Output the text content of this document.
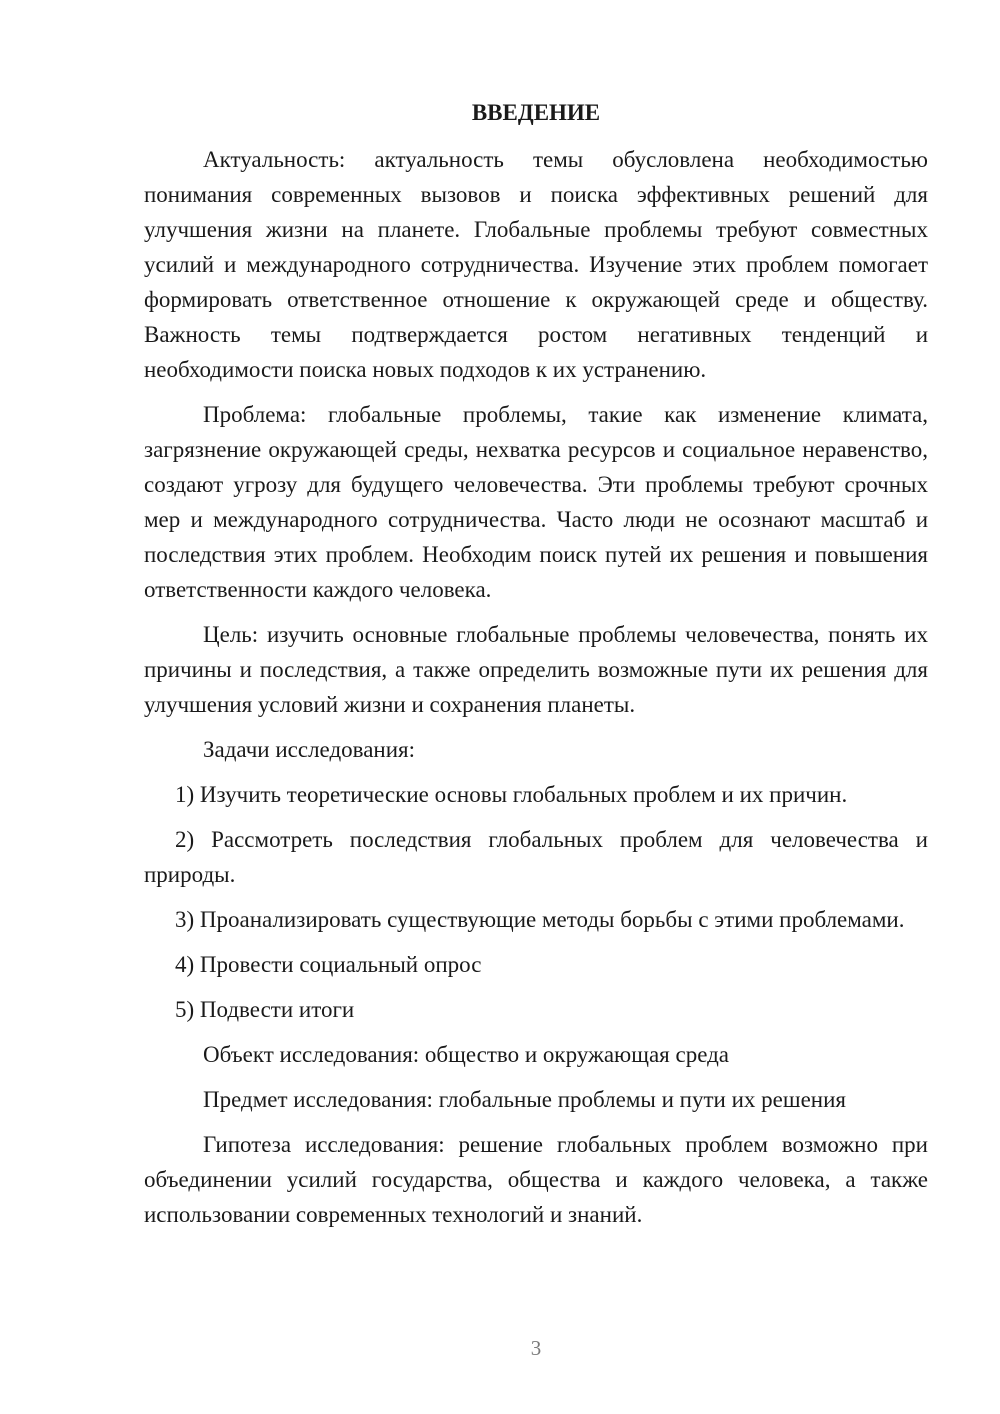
ВВЕДЕНИЕ

Актуальность: актуальность темы обусловлена необходимостью понимания современных вызовов и поиска эффективных решений для улучшения жизни на планете. Глобальные проблемы требуют совместных усилий и международного сотрудничества. Изучение этих проблем помогает формировать ответственное отношение к окружающей среде и обществу. Важность темы подтверждается ростом негативных тенденций и необходимости поиска новых подходов к их устранению.

Проблема: глобальные проблемы, такие как изменение климата, загрязнение окружающей среды, нехватка ресурсов и социальное неравенство, создают угрозу для будущего человечества. Эти проблемы требуют срочных мер и международного сотрудничества. Часто люди не осознают масштаб и последствия этих проблем. Необходим поиск путей их решения и повышения ответственности каждого человека.

Цель: изучить основные глобальные проблемы человечества, понять их причины и последствия, а также определить возможные пути их решения для улучшения условий жизни и сохранения планеты.

Задачи исследования:

1) Изучить теоретические основы глобальных проблем и их причин.

2) Рассмотреть последствия глобальных проблем для человечества и природы.

3) Проанализировать существующие методы борьбы с этими проблемами.

4) Провести социальный опрос

5) Подвести итоги

Объект исследования: общество и окружающая среда

Предмет исследования: глобальные проблемы и пути их решения

Гипотеза исследования: решение глобальных проблем возможно при объединении усилий государства, общества и каждого человека, а также использовании современных технологий и знаний.

3
